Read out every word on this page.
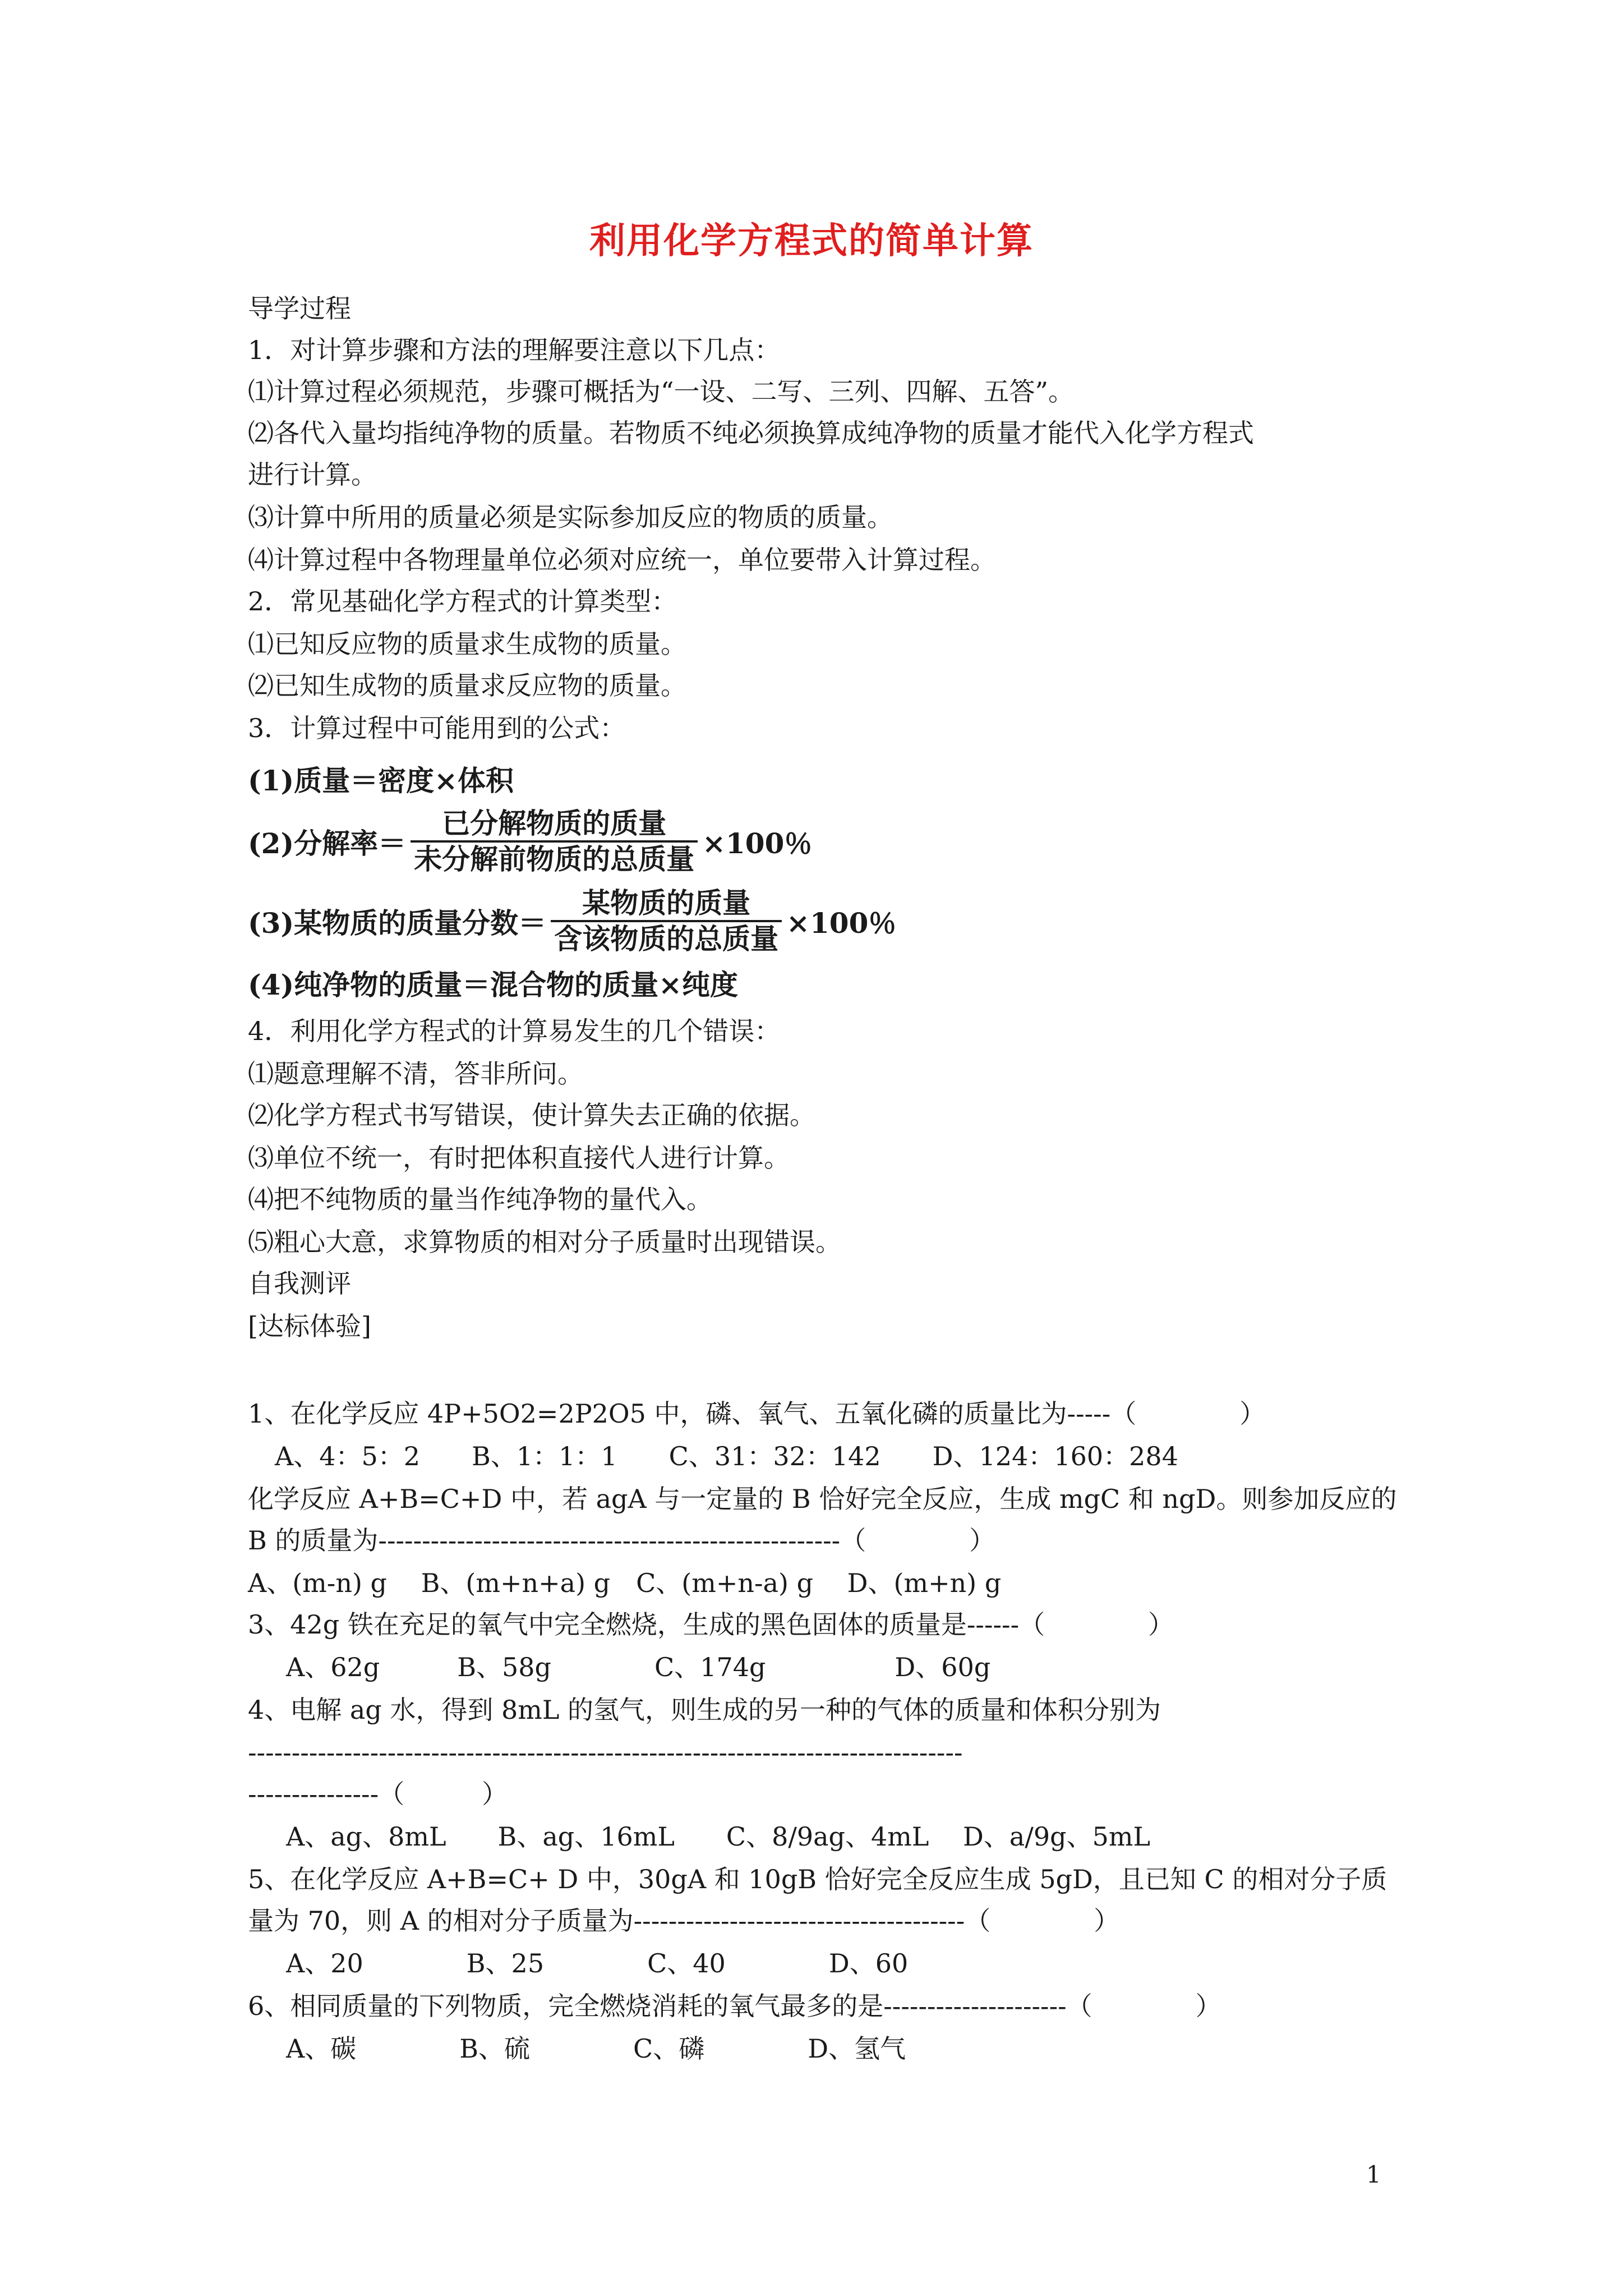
利用化学方程式的简单计算
导学过程
1．对计算步骤和方法的理解要注意以下几点：
⑴计算过程必须规范，步骤可概括为“一设、二写、三列、四解、五答”。
⑵各代入量均指纯净物的质量。若物质不纯必须换算成纯净物的质量才能代入化学方程式
进行计算。
⑶计算中所用的质量必须是实际参加反应的物质的质量。
⑷计算过程中各物理量单位必须对应统一，单位要带入计算过程。
2．常见基础化学方程式的计算类型：
⑴已知反应物的质量求生成物的质量。
⑵已知生成物的质量求反应物的质量。
3．计算过程中可能用到的公式：
(1)质量＝密度×体积
(2)分解率＝ $\frac{\text{已分解物质的质量}}{\text{未分解前物质的总质量}} \times 100$％
(3)某物质的质量分数＝ $\frac{\text{某物质的质量}}{\text{含该物质的总质量}} \times 100$％
(4)纯净物的质量＝混合物的质量×纯度
4．利用化学方程式的计算易发生的几个错误：
⑴题意理解不清，答非所问。
⑵化学方程式书写错误，使计算失去正确的依据。
⑶单位不统一，有时把体积直接代人进行计算。
⑷把不纯物质的量当作纯净物的量代入。
⑸粗心大意，求算物质的相对分子质量时出现错误。
自我测评
[达标体验]
1、在化学反应 4P+5O2=2P2O5 中，磷、氧气、五氧化磷的质量比为-----（　　　　）
A、4：5：2　　B、1：1：1　　C、31：32：142　　D、124：160：284
化学反应 A+B=C+D 中，若 agA 与一定量的 B 恰好完全反应，生成 mgC 和 ngD。则参加反应的
B 的质量为-----------------------------------------------------（　　　　）
A、(m-n) g　 B、(m+n+a) g　C、(m+n-a) g　 D、(m+n) g
3、42g 铁在充足的氧气中完全燃烧，生成的黑色固体的质量是------（　　　　）
A、62g　　　B、58g　　　　C、174g　　　　　D、60g
4、电解 ag 水，得到 8mL 的氢气，则生成的另一种的气体的质量和体积分别为
----------------------------------------------------------------------------------
---------------（　　　）
A、ag、8mL　　B、ag、16mL　　C、8/9ag、4mL　 D、a/9g、5mL
5、在化学反应 A+B=C+ D 中，30gA 和 10gB 恰好完全反应生成 5gD，且已知 C 的相对分子质
量为 70，则 A 的相对分子质量为--------------------------------------（　　　　）
A、20　　　　B、25　　　　C、40　　　　D、60
6、相同质量的下列物质，完全燃烧消耗的氧气最多的是---------------------（　　　　）
A、碳　　　　B、硫　　　　C、磷　　　　D、氢气
1
